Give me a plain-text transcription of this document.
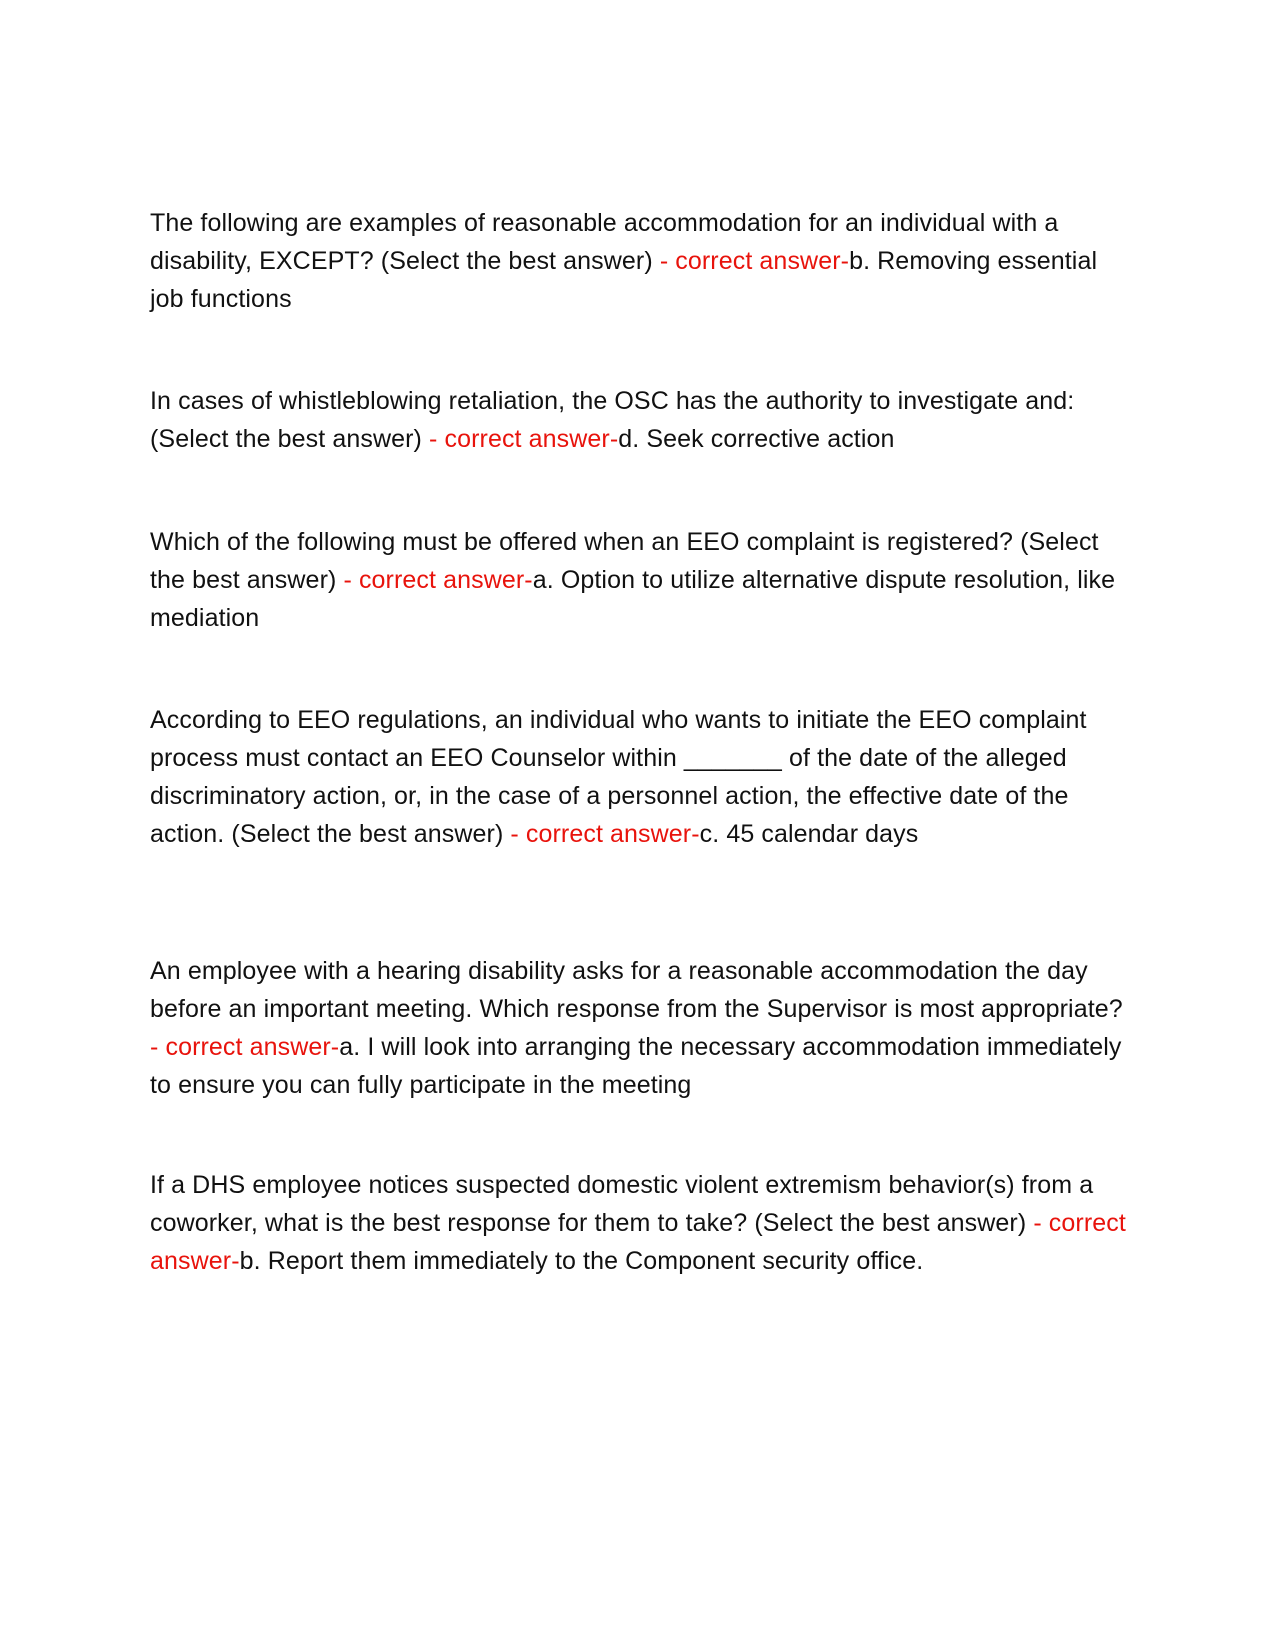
The following are examples of reasonable accommodation for an individual with a disability, EXCEPT? (Select the best answer) - correct answer-b. Removing essential job functions

In cases of whistleblowing retaliation, the OSC has the authority to investigate and: (Select the best answer) - correct answer-d. Seek corrective action

Which of the following must be offered when an EEO complaint is registered? (Select the best answer) - correct answer-a. Option to utilize alternative dispute resolution, like mediation

According to EEO regulations, an individual who wants to initiate the EEO complaint process must contact an EEO Counselor within _______ of the date of the alleged discriminatory action, or, in the case of a personnel action, the effective date of the action. (Select the best answer) - correct answer-c. 45 calendar days

An employee with a hearing disability asks for a reasonable accommodation the day before an important meeting. Which response from the Supervisor is most appropriate? - correct answer-a. I will look into arranging the necessary accommodation immediately to ensure you can fully participate in the meeting

If a DHS employee notices suspected domestic violent extremism behavior(s) from a coworker, what is the best response for them to take? (Select the best answer) - correct answer-b. Report them immediately to the Component security office.
